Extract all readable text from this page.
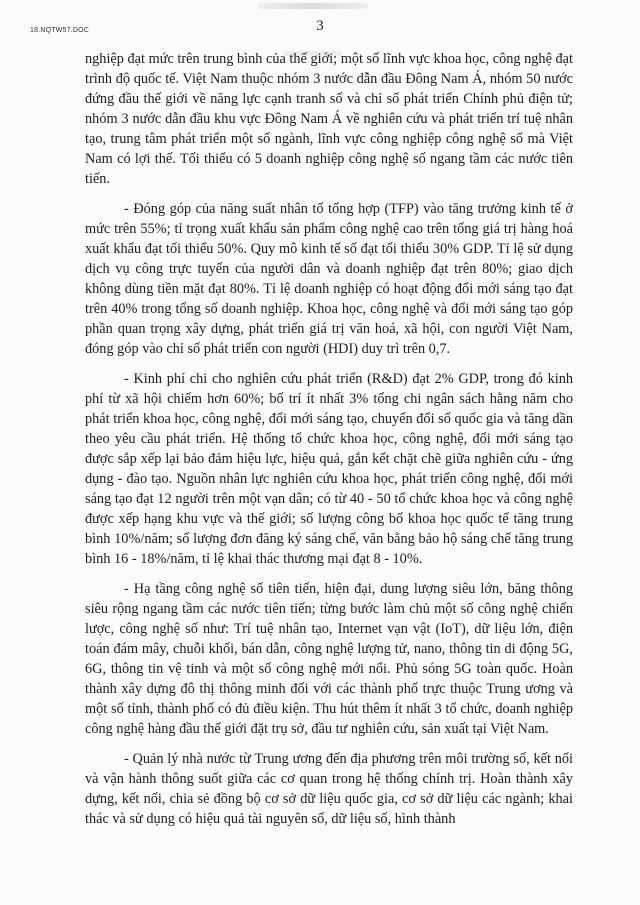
18.NQTW57.DOC	3

nghiệp đạt mức trên trung bình của thế giới; một số lĩnh vực khoa học, công nghệ đạt trình độ quốc tế. Việt Nam thuộc nhóm 3 nước dẫn đầu Đông Nam Á, nhóm 50 nước đứng đầu thế giới về năng lực cạnh tranh số và chỉ số phát triển Chính phủ điện tử; nhóm 3 nước dẫn đầu khu vực Đông Nam Á về nghiên cứu và phát triển trí tuệ nhân tạo, trung tâm phát triển một số ngành, lĩnh vực công nghiệp công nghệ số mà Việt Nam có lợi thế. Tối thiểu có 5 doanh nghiệp công nghệ số ngang tầm các nước tiên tiến.

- Đóng góp của năng suất nhân tố tổng hợp (TFP) vào tăng trưởng kinh tế ở mức trên 55%; tỉ trọng xuất khẩu sản phẩm công nghệ cao trên tổng giá trị hàng hoá xuất khẩu đạt tối thiểu 50%. Quy mô kinh tế số đạt tối thiểu 30% GDP. Tỉ lệ sử dụng dịch vụ công trực tuyến của người dân và doanh nghiệp đạt trên 80%; giao dịch không dùng tiền mặt đạt 80%. Tỉ lệ doanh nghiệp có hoạt động đổi mới sáng tạo đạt trên 40% trong tổng số doanh nghiệp. Khoa học, công nghệ và đổi mới sáng tạo góp phần quan trọng xây dựng, phát triển giá trị văn hoá, xã hội, con người Việt Nam, đóng góp vào chỉ số phát triển con người (HDI) duy trì trên 0,7.

- Kinh phí chi cho nghiên cứu phát triển (R&D) đạt 2% GDP, trong đó kinh phí từ xã hội chiếm hơn 60%; bố trí ít nhất 3% tổng chi ngân sách hằng năm cho phát triển khoa học, công nghệ, đổi mới sáng tạo, chuyển đổi số quốc gia và tăng dần theo yêu cầu phát triển. Hệ thống tổ chức khoa học, công nghệ, đổi mới sáng tạo được sắp xếp lại bảo đảm hiệu lực, hiệu quả, gắn kết chặt chẽ giữa nghiên cứu - ứng dụng - đào tạo. Nguồn nhân lực nghiên cứu khoa học, phát triển công nghệ, đổi mới sáng tạo đạt 12 người trên một vạn dân; có từ 40 - 50 tổ chức khoa học và công nghệ được xếp hạng khu vực và thế giới; số lượng công bố khoa học quốc tế tăng trung bình 10%/năm; số lượng đơn đăng ký sáng chế, văn bằng bảo hộ sáng chế tăng trung bình 16 - 18%/năm, tỉ lệ khai thác thương mại đạt 8 - 10%.

- Hạ tầng công nghệ số tiên tiến, hiện đại, dung lượng siêu lớn, băng thông siêu rộng ngang tầm các nước tiên tiến; từng bước làm chủ một số công nghệ chiến lược, công nghệ số như: Trí tuệ nhân tạo, Internet vạn vật (IoT), dữ liệu lớn, điện toán đám mây, chuỗi khối, bán dẫn, công nghệ lượng tử, nano, thông tin di động 5G, 6G, thông tin vệ tinh và một số công nghệ mới nổi. Phủ sóng 5G toàn quốc. Hoàn thành xây dựng đô thị thông minh đối với các thành phố trực thuộc Trung ương và một số tỉnh, thành phố có đủ điều kiện. Thu hút thêm ít nhất 3 tổ chức, doanh nghiệp công nghệ hàng đầu thế giới đặt trụ sở, đầu tư nghiên cứu, sản xuất tại Việt Nam.

- Quản lý nhà nước từ Trung ương đến địa phương trên môi trường số, kết nối và vận hành thông suốt giữa các cơ quan trong hệ thống chính trị. Hoàn thành xây dựng, kết nối, chia sẻ đồng bộ cơ sở dữ liệu quốc gia, cơ sở dữ liệu các ngành; khai thác và sử dụng có hiệu quả tài nguyên số, dữ liệu số, hình thành
